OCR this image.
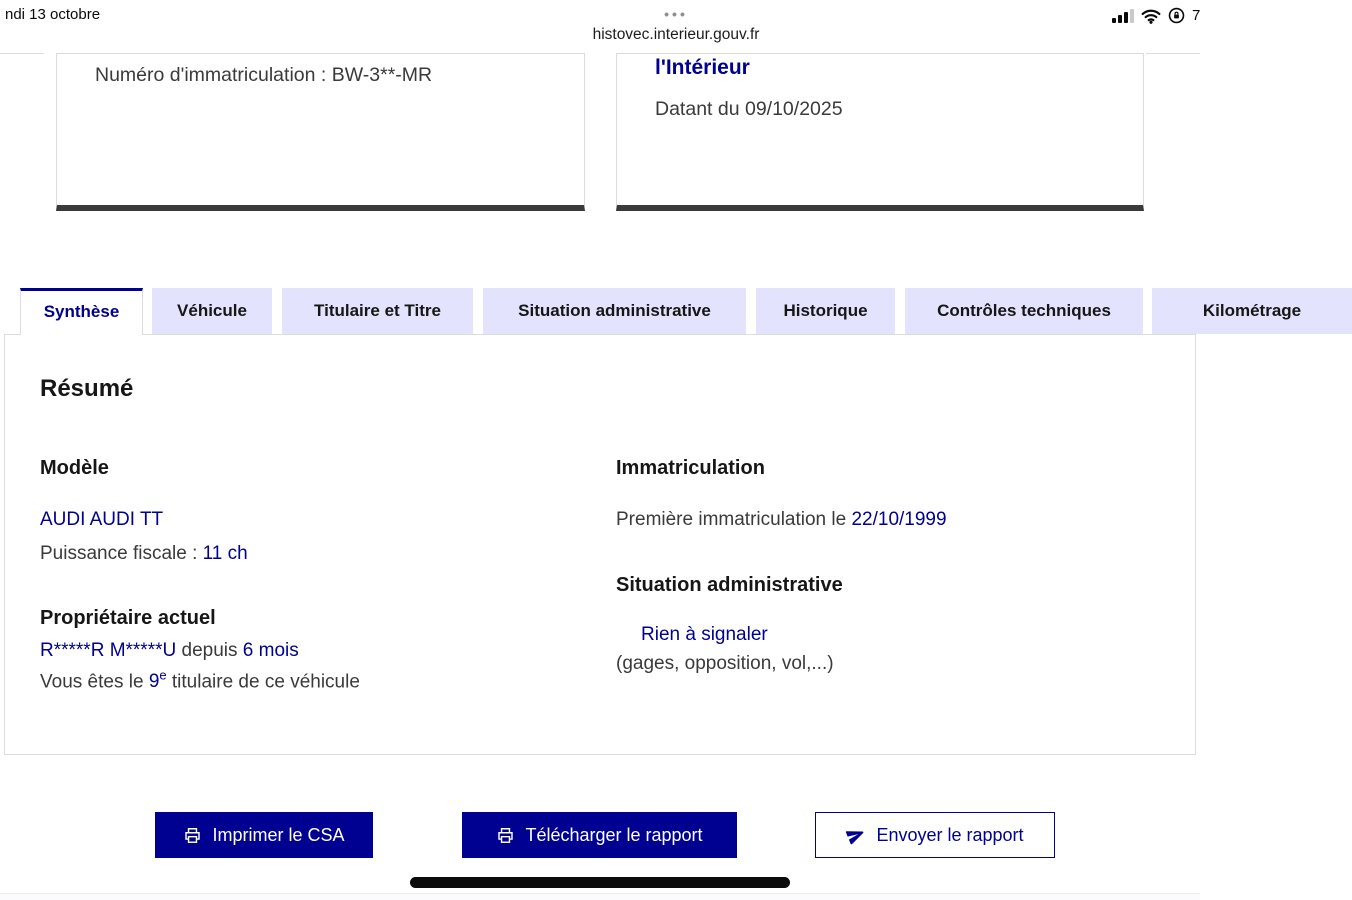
ndi 13 octobre	•••
histovec.interieur.gouv.fr
7
Numéro d'immatriculation : BW-3**-MR	l'Intérieur
Datant du 09/10/2025
Synthèse	Véhicule	Titulaire et Titre	Situation administrative	Historique	Contrôles techniques	Kilométrage
Résumé
Modèle
AUDI AUDI TT
Puissance fiscale : 11 ch
Propriétaire actuel
R*****R M*****U depuis 6 mois
Vous êtes le 9e titulaire de ce véhicule
Immatriculation
Première immatriculation le 22/10/1999
Situation administrative
Rien à signaler
(gages, opposition, vol,...)
Imprimer le CSA	Télécharger le rapport	Envoyer le rapport
